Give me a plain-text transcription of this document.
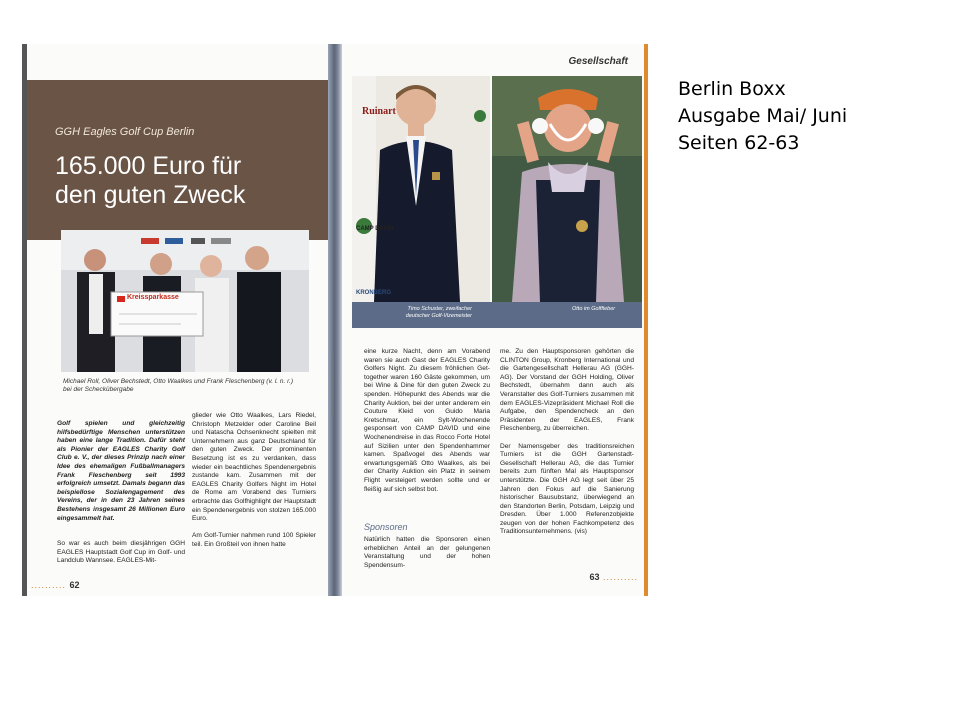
GGH Eagles Golf Cup Berlin
165.000 Euro für
den guten Zweck
Kreissparkasse
Michael Roll, Oliver Bechstedt, Otto Waalkes und Frank Fleschenberg (v. l. n. r.)
bei der Scheckübergabe
Golf spielen und gleichzeitig hilfsbedürftige Menschen unterstützen haben eine lange Tradition. Dafür steht als Pionier der EAGLES Charity Golf Club e. V., der dieses Prinzip nach einer Idee des ehemaligen Fußballmanagers Frank Fleschenberg seit 1993 erfolgreich umsetzt. Damals begann das beispiellose Sozialengagement des Vereins, der in den 23 Jahren seines Bestehens insgesamt 26 Millionen Euro eingesammelt hat.
So war es auch beim diesjährigen GGH EAGLES Hauptstadt Golf Cup im Golf- und Landclub Wannsee. EAGLES-Mit-
glieder wie Otto Waalkes, Lars Riedel, Christoph Metzelder oder Caroline Beil und Natascha Ochsenknecht spielten mit Unternehmern aus ganz Deutschland für den guten Zweck. Der prominenten Besetzung ist es zu verdanken, dass wieder ein beachtliches Spendenergebnis zustande kam. Zusammen mit der EAGLES Charity Golfers Night im Hotel de Rome am Vorabend des Turniers erbrachte das Golfhighlight der Hauptstadt ein Spendenergebnis von stolzen 165.000 Euro.

Am Golf-Turnier nahmen rund 100 Spieler teil. Ein Großteil von ihnen hatte
.......... 62
Gesellschaft
Ruinart
CAMP DAVID
KRONBERG
Timo Schuster, zweifacher
deutscher Golf-Vizemeister
Otto im Golffieber
eine kurze Nacht, denn am Vorabend waren sie auch Gast der EAGLES Charity Golfers Night. Zu diesem fröhlichen Get-together waren 160 Gäste gekommen, um bei Wine & Dine für den guten Zweck zu spenden. Höhepunkt des Abends war die Charity Auktion, bei der unter anderem ein Couture Kleid von Guido Maria Kretschmar, ein Sylt-Wochenende gesponsert von CAMP DAVID und eine Wochenendreise in das Rocco Forte Hotel auf Sizilien unter den Spendenhammer kamen. Spaßvogel des Abends war erwartungsgemäß Otto Waalkes, als bei der Charity Auktion ein Platz in seinem Flight versteigert werden sollte und er fleißig auf sich selbst bot.
Sponsoren
Natürlich hatten die Sponsoren einen erheblichen Anteil an der gelungenen Veranstaltung und der hohen Spendensum-
me. Zu den Hauptsponsoren gehörten die CLINTON Group, Kronberg International und die Gartengesellschaft Hellerau AG (GGH-AG). Der Vorstand der GGH Holding, Oliver Bechstedt, übernahm dann auch als Veranstalter des Golf-Turniers zusammen mit dem EAGLES-Vizepräsident Michael Roll die Aufgabe, den Spendencheck an den Präsidenten der EAGLES, Frank Fleschenberg, zu überreichen.

Der Namensgeber des traditionsreichen Turniers ist die GGH Gartenstadt-Gesellschaft Hellerau AG, die das Turnier bereits zum fünften Mal als Hauptsponsor unterstützte. Die GGH AG legt seit über 25 Jahren den Fokus auf die Sanierung historischer Bausubstanz, überwiegend an den Standorten Berlin, Potsdam, Leipzig und Dresden. Über 1.000 Referenzobjekte zeugen von der hohen Fachkompetenz des Traditionsunternehmens. (vis)
63 ..........
Berlin Boxx
Ausgabe Mai/ Juni
Seiten 62-63
